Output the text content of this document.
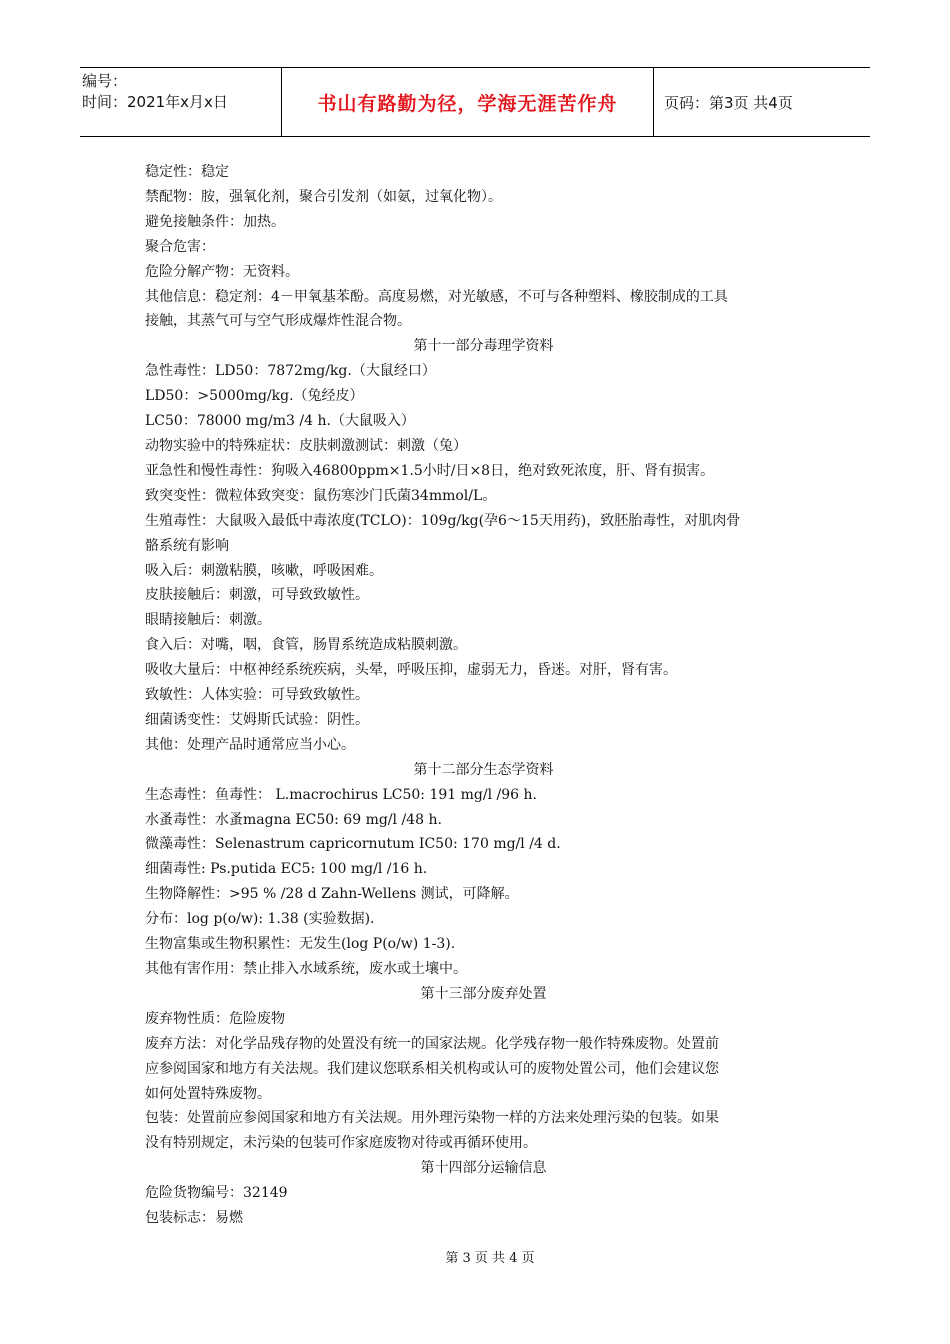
编号：
时间：2021年x月x日	书山有路勤为径，学海无涯苦作舟	页码：第3页 共4页

稳定性：稳定

禁配物：胺，强氧化剂，聚合引发剂（如氨，过氧化物）。

避免接触条件：加热。

聚合危害：

危险分解产物：无资料。

其他信息：稳定剂：4－甲氧基苯酚。高度易燃，对光敏感，不可与各种塑料、橡胶制成的工具

接触，其蒸气可与空气形成爆炸性混合物。

第十一部分毒理学资料

急性毒性：LD50：7872mg/kg.（大鼠经口）

LD50：>5000mg/kg.（兔经皮）

LC50：78000 mg/m3 /4 h.（大鼠吸入）

动物实验中的特殊症状：皮肤刺激测试：刺激（兔）

亚急性和慢性毒性：狗吸入46800ppm×1.5小时/日×8日，绝对致死浓度，肝、肾有损害。

致突变性：微粒体致突变：鼠伤寒沙门氏菌34mmol/L。

生殖毒性：大鼠吸入最低中毒浓度(TCLO)：109g/kg(孕6～15天用药)，致胚胎毒性，对肌肉骨

骼系统有影响

吸入后：刺激粘膜，咳嗽，呼吸困难。

皮肤接触后：刺激，可导致致敏性。

眼睛接触后：刺激。

食入后：对嘴，咽，食管，肠胃系统造成粘膜刺激。

吸收大量后：中枢神经系统疾病，头晕，呼吸压抑，虚弱无力，昏迷。对肝，肾有害。

致敏性：人体实验：可导致致敏性。

细菌诱变性：艾姆斯氏试验：阴性。

其他：处理产品时通常应当小心。

第十二部分生态学资料

生态毒性：鱼毒性： L.macrochirus LC50: 191 mg/l /96 h.

水蚤毒性：水蚤magna EC50: 69 mg/l /48 h.

微藻毒性：Selenastrum capricornutum IC50: 170 mg/l /4 d.

细菌毒性: Ps.putida EC5: 100 mg/l /16 h.

生物降解性：>95 % /28 d Zahn-Wellens 测试，可降解。

分布：log p(o/w): 1.38 (实验数据).

生物富集或生物积累性：无发生(log P(o/w) 1-3).

其他有害作用：禁止排入水域系统，废水或土壤中。

第十三部分废弃处置

废弃物性质：危险废物

废弃方法：对化学品残存物的处置没有统一的国家法规。化学残存物一般作特殊废物。处置前

应参阅国家和地方有关法规。我们建议您联系相关机构或认可的废物处置公司，他们会建议您

如何处置特殊废物。

包装：处置前应参阅国家和地方有关法规。用外理污染物一样的方法来处理污染的包装。如果

没有特别规定，未污染的包装可作家庭废物对待或再循环使用。

第十四部分运输信息

危险货物编号：32149

包装标志：易燃

第 3 页 共 4 页
